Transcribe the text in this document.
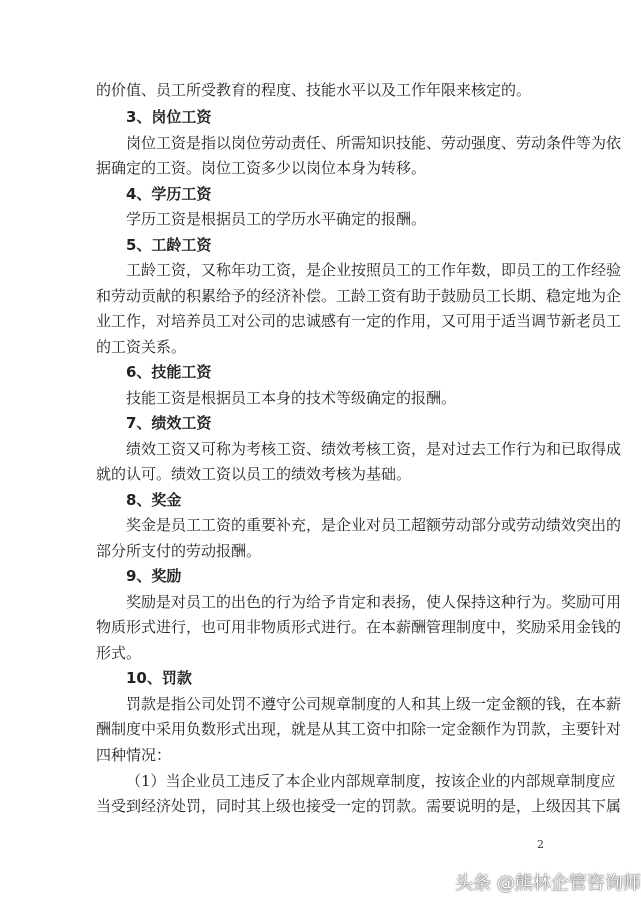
的价值、员工所受教育的程度、技能水平以及工作年限来核定的。
3、岗位工资
岗位工资是指以岗位劳动责任、所需知识技能、劳动强度、劳动条件等为依
据确定的工资。岗位工资多少以岗位本身为转移。
4、学历工资
学历工资是根据员工的学历水平确定的报酬。
5、工龄工资
工龄工资，又称年功工资，是企业按照员工的工作年数，即员工的工作经验
和劳动贡献的积累给予的经济补偿。工龄工资有助于鼓励员工长期、稳定地为企
业工作，对培养员工对公司的忠诚感有一定的作用，又可用于适当调节新老员工
的工资关系。
6、技能工资
技能工资是根据员工本身的技术等级确定的报酬。
7、绩效工资
绩效工资又可称为考核工资、绩效考核工资，是对过去工作行为和已取得成
就的认可。绩效工资以员工的绩效考核为基础。
8、奖金
奖金是员工工资的重要补充，是企业对员工超额劳动部分或劳动绩效突出的
部分所支付的劳动报酬。
9、奖励
奖励是对员工的出色的行为给予肯定和表扬，使人保持这种行为。奖励可用
物质形式进行，也可用非物质形式进行。在本薪酬管理制度中，奖励采用金钱的
形式。
10、罚款
罚款是指公司处罚不遵守公司规章制度的人和其上级一定金额的钱，在本薪
酬制度中采用负数形式出现，就是从其工资中扣除一定金额作为罚款，主要针对
四种情况：
（1）当企业员工违反了本企业内部规章制度，按该企业的内部规章制度应
当受到经济处罚，同时其上级也接受一定的罚款。需要说明的是，上级因其下属
2
头条 @熊林企管咨询师
